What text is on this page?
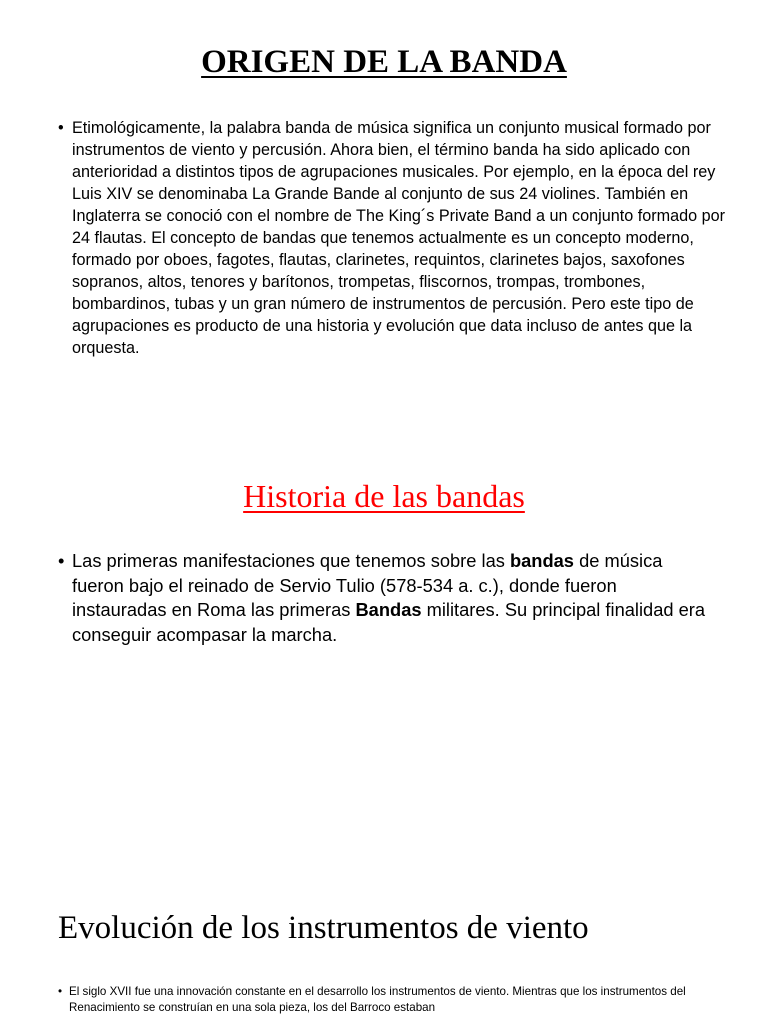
ORIGEN DE LA BANDA
• Etimológicamente, la palabra banda de música significa un conjunto musical formado por instrumentos de viento y percusión. Ahora bien, el término banda ha sido aplicado con anterioridad a distintos tipos de agrupaciones musicales. Por ejemplo, en la época del rey Luis XIV se denominaba La Grande Bande al conjunto de sus 24 violines. También en Inglaterra se conoció con el nombre de The King´s Private Band a un conjunto formado por 24 flautas. El concepto de bandas que tenemos actualmente es un concepto moderno, formado por oboes, fagotes, flautas, clarinetes, requintos, clarinetes bajos, saxofones sopranos, altos, tenores y barítonos, trompetas, fliscornos, trompas, trombones, bombardinos, tubas y un gran número de instrumentos de percusión. Pero este tipo de agrupaciones es producto de una historia y evolución que data incluso de antes que la orquesta.
Historia de las bandas
• Las primeras manifestaciones que tenemos sobre las bandas de música fueron bajo el reinado de Servio Tulio (578-534 a. c.), donde fueron instauradas en Roma las primeras Bandas militares. Su principal finalidad era conseguir acompasar la marcha.
Evolución de los instrumentos de viento
• El siglo XVII fue una innovación constante en el desarrollo los instrumentos de viento. Mientras que los instrumentos del Renacimiento se construían en una sola pieza, los del Barroco estaban
